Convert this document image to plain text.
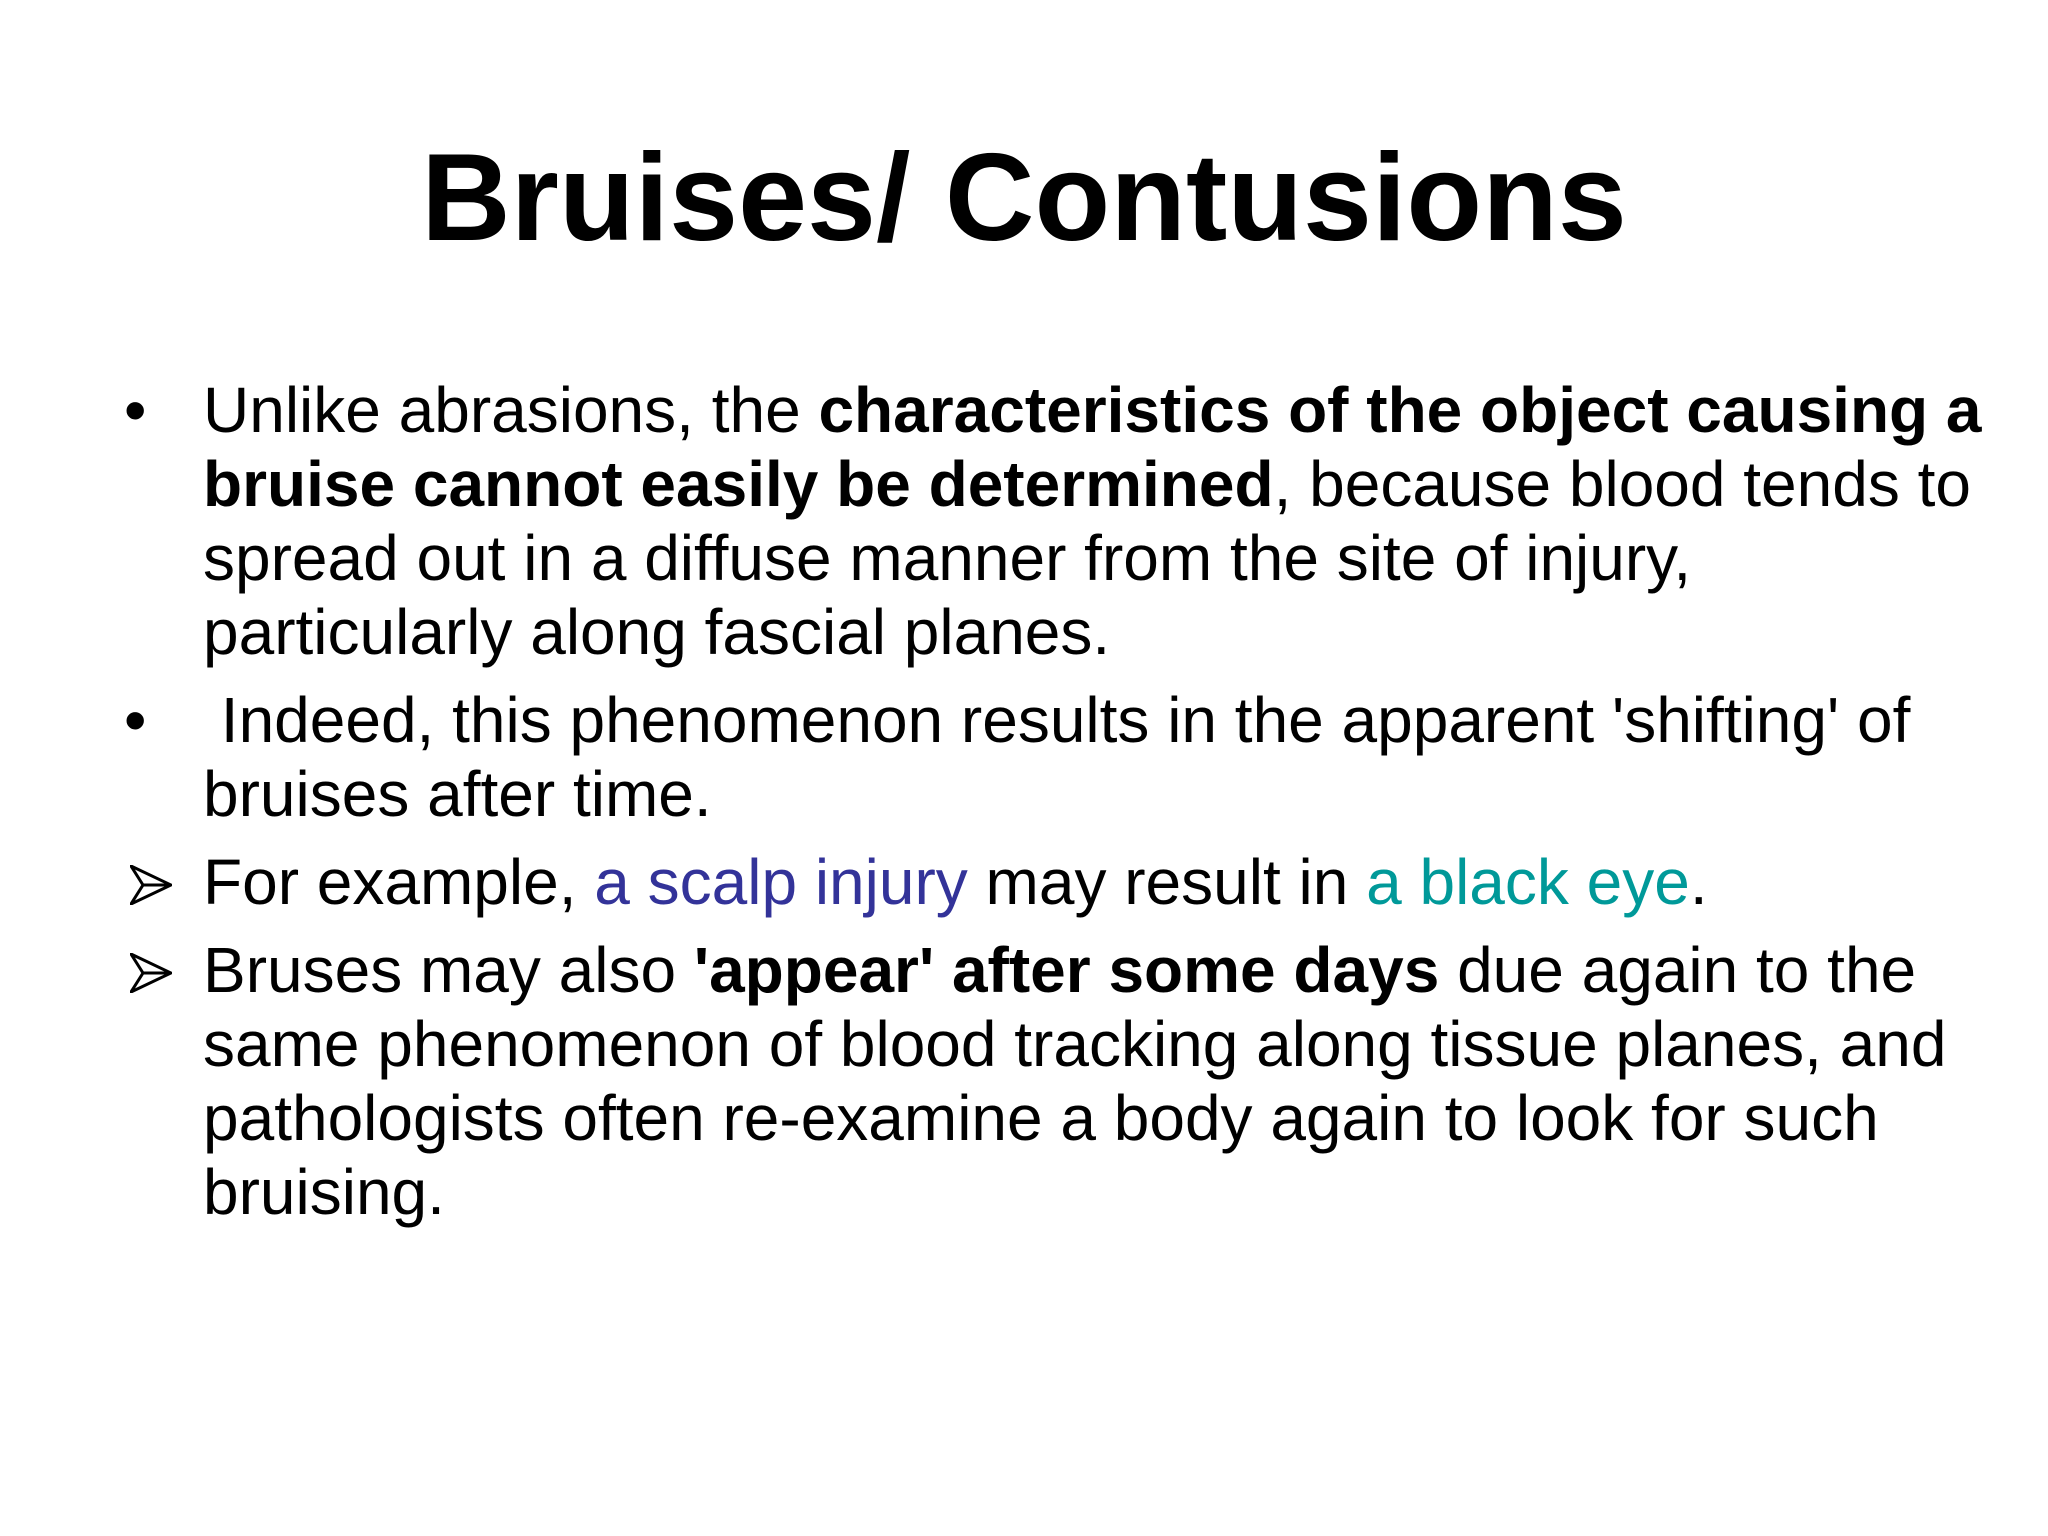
Bruises/ Contusions
• Unlike abrasions, the characteristics of the object causing a bruise cannot easily be determined, because blood tends to spread out in a diffuse manner from the site of injury, particularly along fascial planes.
• Indeed, this phenomenon results in the apparent 'shifting' of bruises after time.
For example, a scalp injury may result in a black eye.
Bruses may also 'appear' after some days due again to the same phenomenon of blood tracking along tissue planes, and pathologists often re-examine a body again to look for such bruising.
